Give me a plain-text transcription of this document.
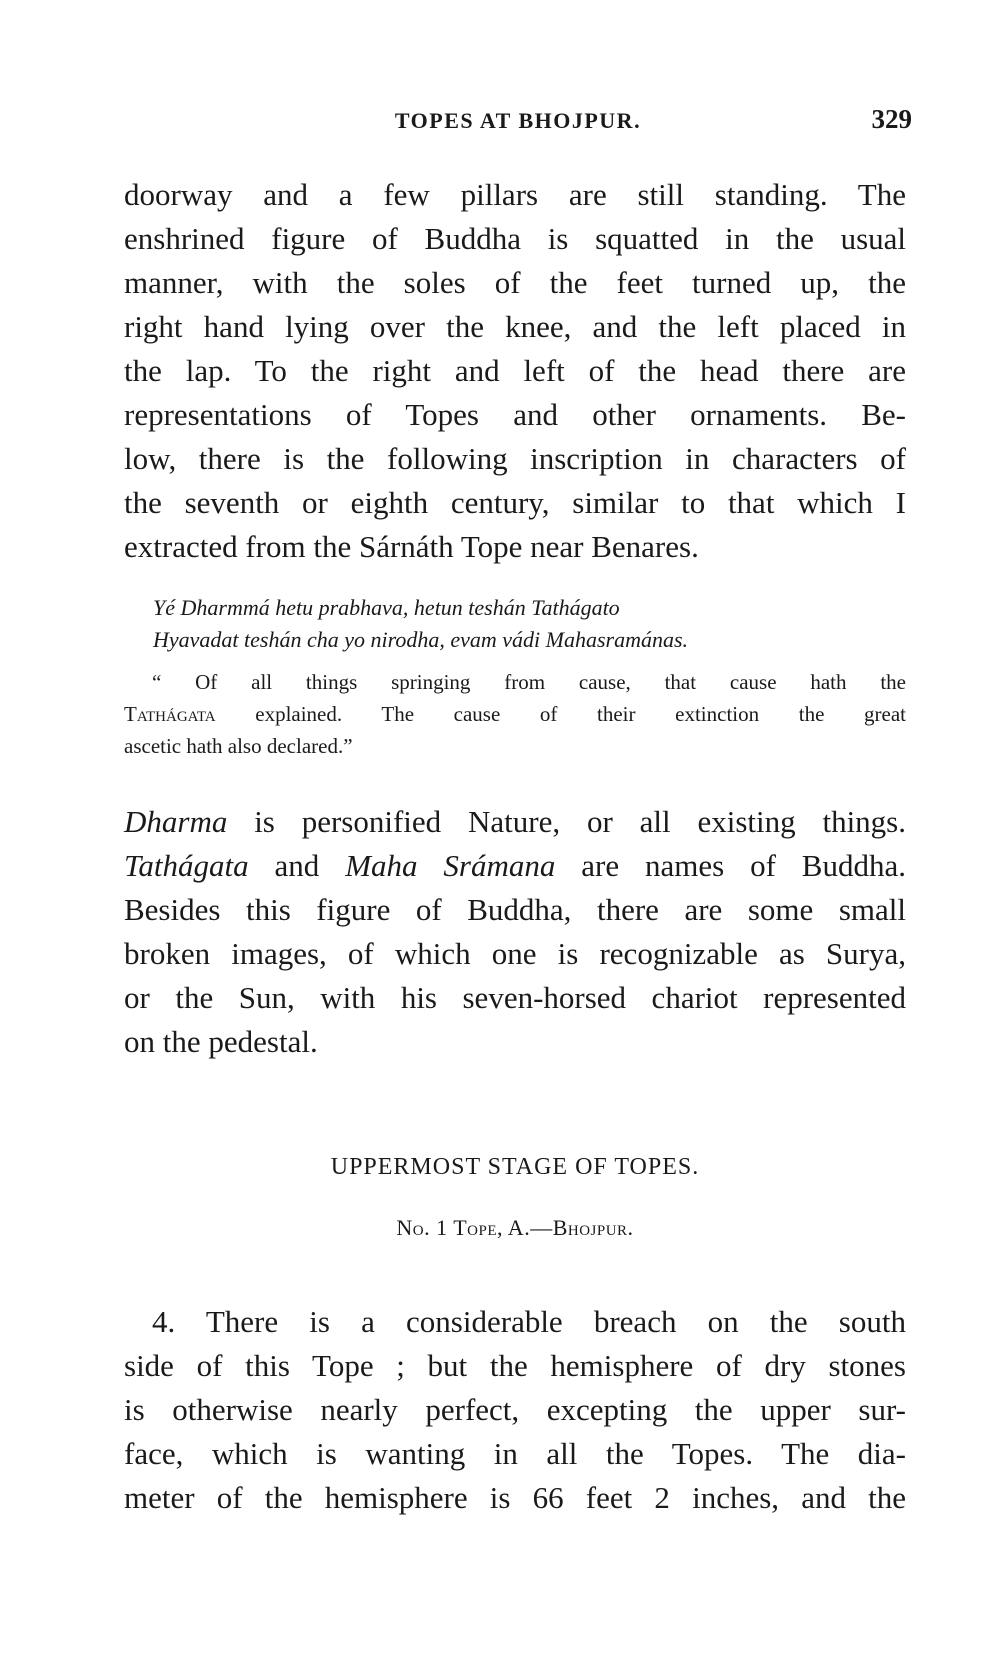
TOPES AT BHOJPUR.	329
doorway and a few pillars are still standing. The
enshrined figure of Buddha is squatted in the usual
manner, with the soles of the feet turned up, the
right hand lying over the knee, and the left placed in
the lap. To the right and left of the head there are
representations of Topes and other ornaments. Be-
low, there is the following inscription in characters of
the seventh or eighth century, similar to that which I
extracted from the Sárnáth Tope near Benares.
Yé Dharmmá hetu prabhava, hetun teshán Tathágato
Hyavadat teshán cha yo nirodha, evam vádi Mahasramánas.
“ Of all things springing from cause, that cause hath the
Tathágata explained. The cause of their extinction the great
ascetic hath also declared.”
Dharma is personified Nature, or all existing things.
Tathágata and Maha Srámana are names of Buddha.
Besides this figure of Buddha, there are some small
broken images, of which one is recognizable as Surya,
or the Sun, with his seven-horsed chariot represented
on the pedestal.
UPPERMOST STAGE OF TOPES.
No. 1 Tope, A.—Bhojpur.
4. There is a considerable breach on the south
side of this Tope ; but the hemisphere of dry stones
is otherwise nearly perfect, excepting the upper sur-
face, which is wanting in all the Topes. The dia-
meter of the hemisphere is 66 feet 2 inches, and the
